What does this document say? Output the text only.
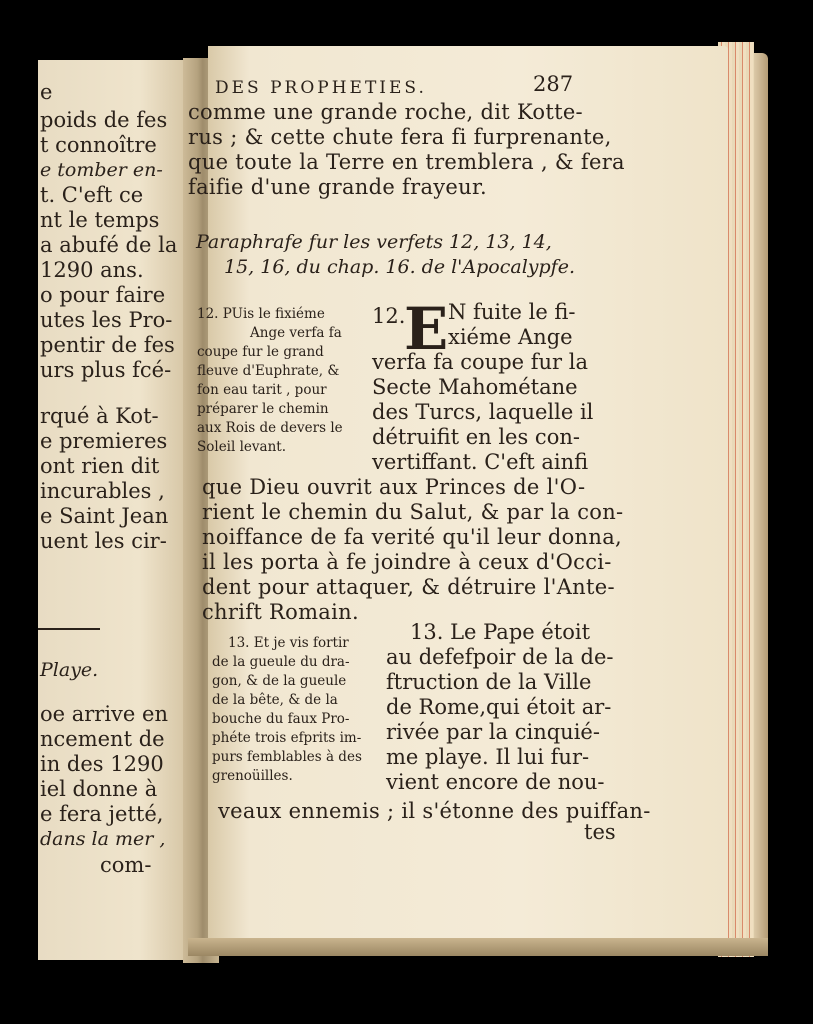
e
poids de fes
t connoître
e tomber en-
t. C'eft ce
nt le temps
a abufé de la
1290 ans.
o pour faire
utes les Pro-
pentir de fes
urs plus fcé-
rqué à Kot-
e premieres
ont rien dit
incurables ,
e Saint Jean
uent les cir-
Playe.
oe arrive en
ncement de
in des 1290
iel donne à
e fera jetté,
dans la mer ,
com-
DES PROPHETIES.	287
comme une grande roche, dit Kotte-
rus ; & cette chute fera fi furprenante,
que toute la Terre en tremblera , & fera
faifie d'une grande frayeur.
Paraphrafe fur les verfets 12, 13, 14,
15, 16, du chap. 16. de l'Apocalypfe.
12. PUis le fixiéme
Ange verfa fa
coupe fur le grand
fleuve d'Euphrate, &
fon eau tarit , pour
préparer le chemin
aux Rois de devers le
Soleil levant.
12.
E N fuite le fi-
xiéme Ange
verfa fa coupe fur la
Secte Mahométane
des Turcs, laquelle il
détruifit en les con-
vertiffant. C'eft ainfi
que Dieu ouvrit aux Princes de l'O-
rient le chemin du Salut, & par la con-
noiffance de fa verité qu'il leur donna,
il les porta à fe joindre à ceux d'Occi-
dent pour attaquer, & détruire l'Ante-
chrift Romain.
13. Et je vis fortir
de la gueule du dra-
gon, & de la gueule
de la bête, & de la
bouche du faux Pro-
phéte trois efprits im-
purs femblables à des
grenoüilles.
13. Le Pape étoit
au defefpoir de la de-
ftruction de la Ville
de Rome,qui étoit ar-
rivée par la cinquié-
me playe. Il lui fur-
vient encore de nou-
veaux ennemis ; il s'étonne des puiffan-
tes
